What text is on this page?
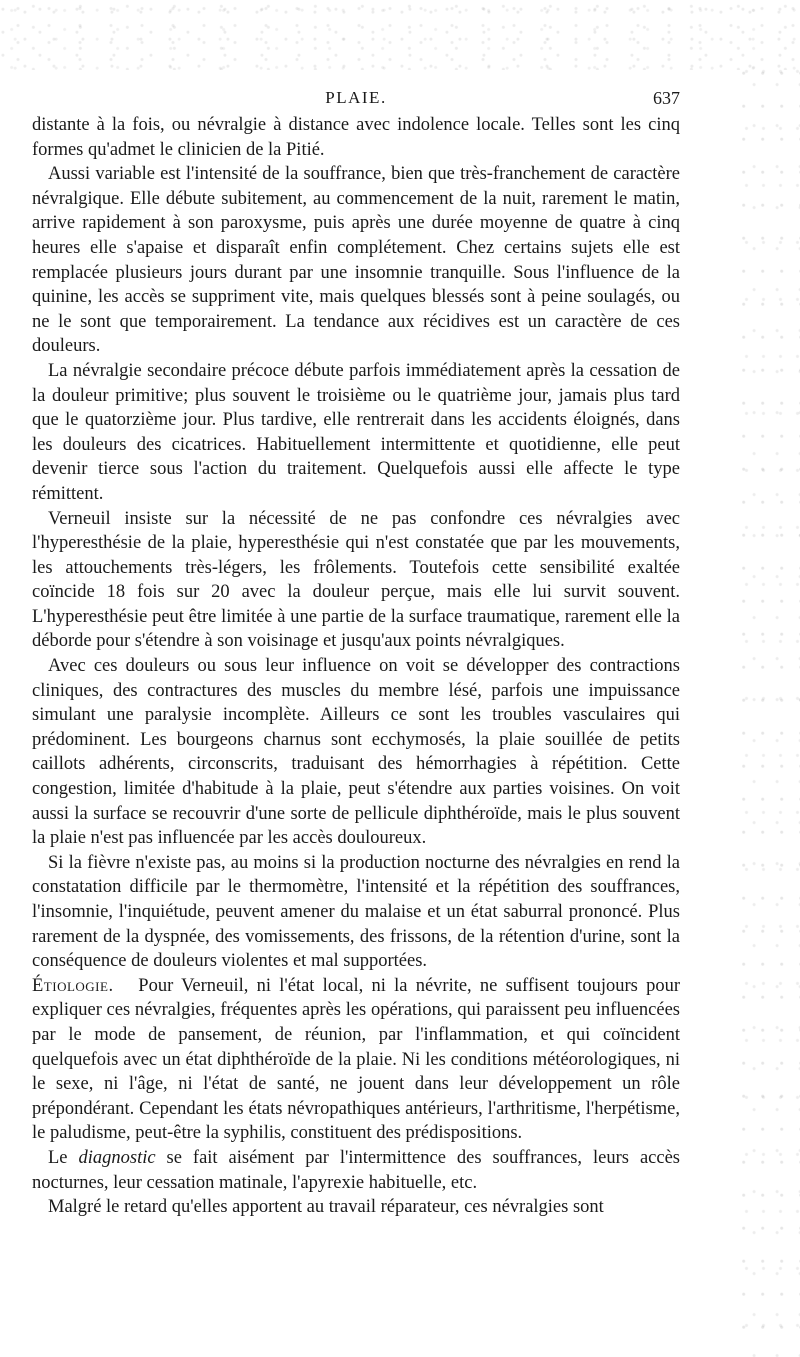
PLAIE.	637

distante à la fois, ou névralgie à distance avec indolence locale. Telles sont les cinq formes qu'admet le clinicien de la Pitié.

Aussi variable est l'intensité de la souffrance, bien que très-franchement de caractère névralgique. Elle débute subitement, au commencement de la nuit, rarement le matin, arrive rapidement à son paroxysme, puis après une durée moyenne de quatre à cinq heures elle s'apaise et disparaît enfin complétement. Chez certains sujets elle est remplacée plusieurs jours durant par une insomnie tranquille. Sous l'influence de la quinine, les accès se suppriment vite, mais quelques blessés sont à peine soulagés, ou ne le sont que temporairement. La tendance aux récidives est un caractère de ces douleurs.

La névralgie secondaire précoce débute parfois immédiatement après la cessation de la douleur primitive; plus souvent le troisième ou le quatrième jour, jamais plus tard que le quatorzième jour. Plus tardive, elle rentrerait dans les accidents éloignés, dans les douleurs des cicatrices. Habituellement intermittente et quotidienne, elle peut devenir tierce sous l'action du traitement. Quelquefois aussi elle affecte le type rémittent.

Verneuil insiste sur la nécessité de ne pas confondre ces névralgies avec l'hyperesthésie de la plaie, hyperesthésie qui n'est constatée que par les mouvements, les attouchements très-légers, les frôlements. Toutefois cette sensibilité exaltée coïncide 18 fois sur 20 avec la douleur perçue, mais elle lui survit souvent. L'hyperesthésie peut être limitée à une partie de la surface traumatique, rarement elle la déborde pour s'étendre à son voisinage et jusqu'aux points névralgiques.

Avec ces douleurs ou sous leur influence on voit se développer des contractions cliniques, des contractures des muscles du membre lésé, parfois une impuissance simulant une paralysie incomplète. Ailleurs ce sont les troubles vasculaires qui prédominent. Les bourgeons charnus sont ecchymosés, la plaie souillée de petits caillots adhérents, circonscrits, traduisant des hémorrhagies à répétition. Cette congestion, limitée d'habitude à la plaie, peut s'étendre aux parties voisines. On voit aussi la surface se recouvrir d'une sorte de pellicule diphthéroïde, mais le plus souvent la plaie n'est pas influencée par les accès douloureux.

Si la fièvre n'existe pas, au moins si la production nocturne des névralgies en rend la constatation difficile par le thermomètre, l'intensité et la répétition des souffrances, l'insomnie, l'inquiétude, peuvent amener du malaise et un état saburral prononcé. Plus rarement de la dyspnée, des vomissements, des frissons, de la rétention d'urine, sont la conséquence de douleurs violentes et mal supportées.

Étiologie. Pour Verneuil, ni l'état local, ni la névrite, ne suffisent toujours pour expliquer ces névralgies, fréquentes après les opérations, qui paraissent peu influencées par le mode de pansement, de réunion, par l'inflammation, et qui coïncident quelquefois avec un état diphthéroïde de la plaie. Ni les conditions météorologiques, ni le sexe, ni l'âge, ni l'état de santé, ne jouent dans leur développement un rôle prépondérant. Cependant les états névropathiques antérieurs, l'arthritisme, l'herpétisme, le paludisme, peut-être la syphilis, constituent des prédispositions.

Le diagnostic se fait aisément par l'intermittence des souffrances, leurs accès nocturnes, leur cessation matinale, l'apyrexie habituelle, etc.

Malgré le retard qu'elles apportent au travail réparateur, ces névralgies sont
